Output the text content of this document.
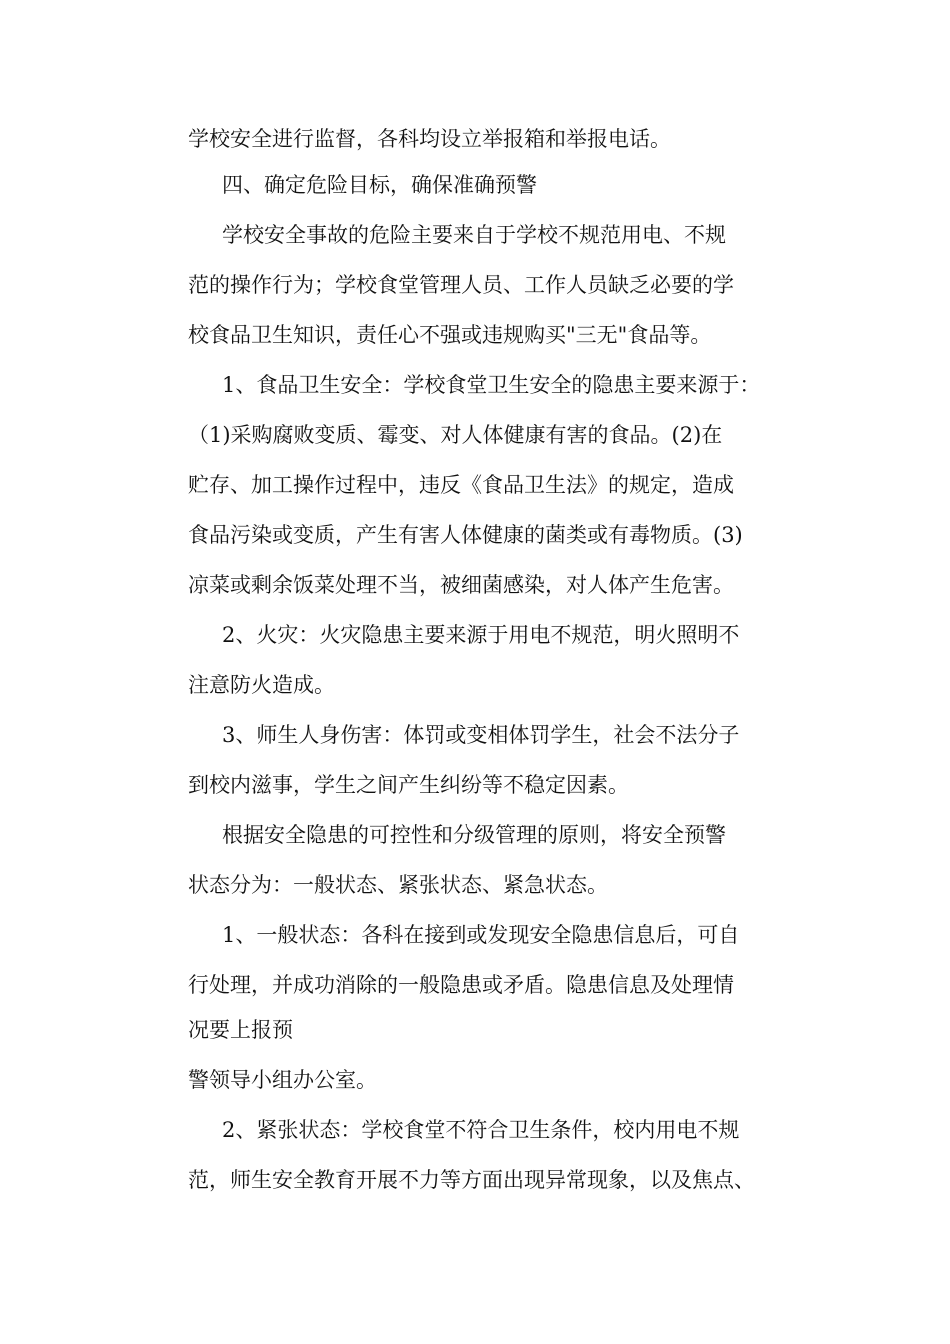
学校安全进行监督，各科均设立举报箱和举报电话。
四、确定危险目标，确保准确预警
学校安全事故的危险主要来自于学校不规范用电、不规
范的操作行为；学校食堂管理人员、工作人员缺乏必要的学
校食品卫生知识，责任心不强或违规购买"三无"食品等。
1、食品卫生安全：学校食堂卫生安全的隐患主要来源于：
（1)采购腐败变质、霉变、对人体健康有害的食品。(2)在
贮存、加工操作过程中，违反《食品卫生法》的规定，造成
食品污染或变质，产生有害人体健康的菌类或有毒物质。(3)
凉菜或剩余饭菜处理不当，被细菌感染，对人体产生危害。
2、火灾：火灾隐患主要来源于用电不规范，明火照明不
注意防火造成。
3、师生人身伤害：体罚或变相体罚学生，社会不法分子
到校内滋事，学生之间产生纠纷等不稳定因素。
根据安全隐患的可控性和分级管理的原则，将安全预警
状态分为：一般状态、紧张状态、紧急状态。
1、一般状态：各科在接到或发现安全隐患信息后，可自
行处理，并成功消除的一般隐患或矛盾。隐患信息及处理情
况要上报预
警领导小组办公室。
2、紧张状态：学校食堂不符合卫生条件，校内用电不规
范，师生安全教育开展不力等方面出现异常现象，以及焦点、
